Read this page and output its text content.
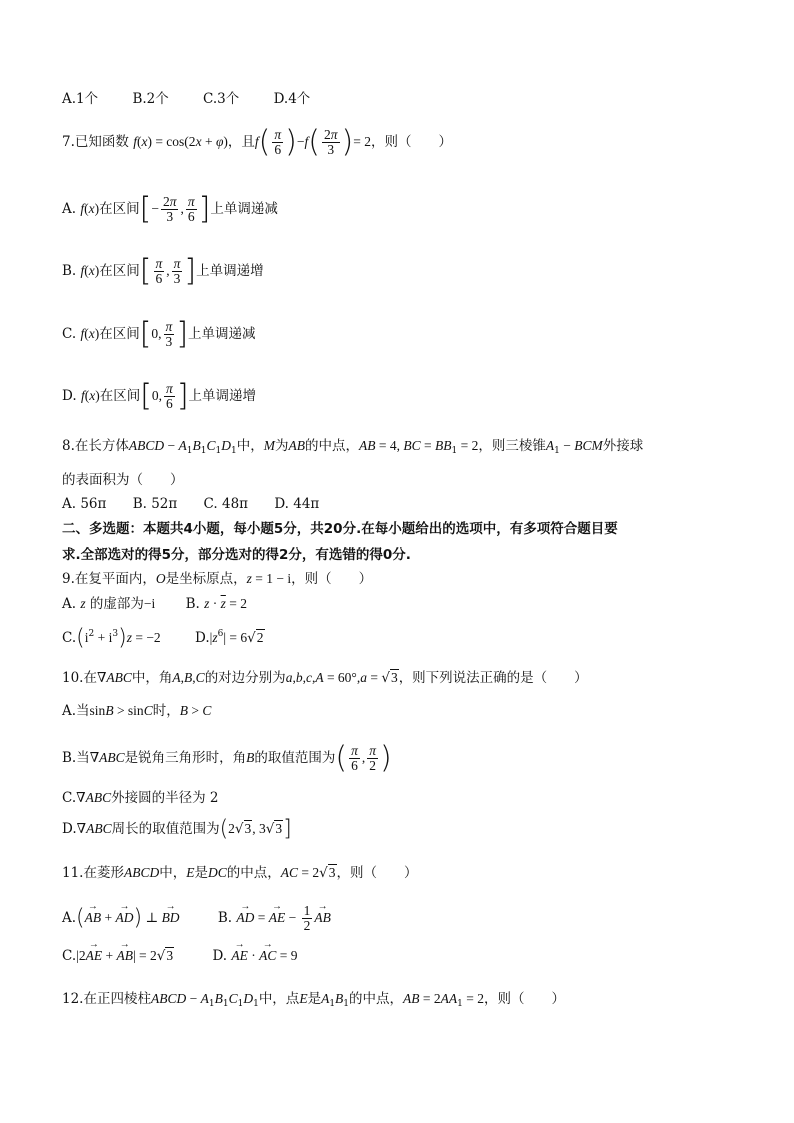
A.1个	B.2个	C.3个	D.4个
7.已知函数 f(x) = cos(2x + φ)，且$f( \frac{\pi}{6} )-f( \frac{2\pi}{3}$ )= 2，则（　　）
A. f(x)在区间[− $\frac{2\pi}{3}$ , $\frac{\pi}{6}$ ]上单调递减
B. f(x)在区间[ $\frac{\pi}{6}$ , $\frac{\pi}{3}$ ]上单调递增
C. f(x)在区间[0, $\frac{\pi}{3}$ ]上单调递减
D. f(x)在区间[0, $\frac{\pi}{6}$ ]上单调递增
8.在长方体ABCD − $A_1B_1C_1D_1$中，M为AB的中点，AB = 4, BC = $BB_1 = 2$，则三棱锥$A_1$ − BCM外接球
的表面积为（　　）
A. 56π B. 52π C. 48π D. 44π
二、多选题：本题共4小题，每小题5分，共20分.在每小题给出的选项中，有多项符合题目要
求.全部选对的得5分，部分选对的得2分，有选错的得0分.
9.在复平面内，O是坐标原点，z = 1 − i，则（　　）
A. z 的虚部为−i B. $z \cdot \overline{z} = 2$
$C.(i^2 + i^3)z = -2$	$D.|z^6| = 6√2$
10.在∇ABC中，角A,B,C的对边分别为a,b,c,A = 60°,a = √3，则下列说法正确的是（　　）
A.当sinB > sinC时，B > C
B.当∇ABC是锐角三角形时，角B的取值范围为( $\frac{\pi}{6}$ , $\frac{\pi}{2}$ )
C.∇ABC外接圆的半径为 2
D.∇ABC周长的取值范围为(2√3, 3√3]
11.在菱形ABCD中，E是DC的中点，AC = 2√3，则（　　）
A.(→ AB + → AD) ⊥ → BD	B. → AD = → AE − $\frac{1}{2}$ → AB
C.|2→ AE + → AB| = 2√3	D. → AE · → AC = 9
12.在正四棱柱ABCD − $A_1B_1C_1D_1$中，点E是$A_1B_1$的中点，AB = $2AA_1 = 2$，则（　　）
